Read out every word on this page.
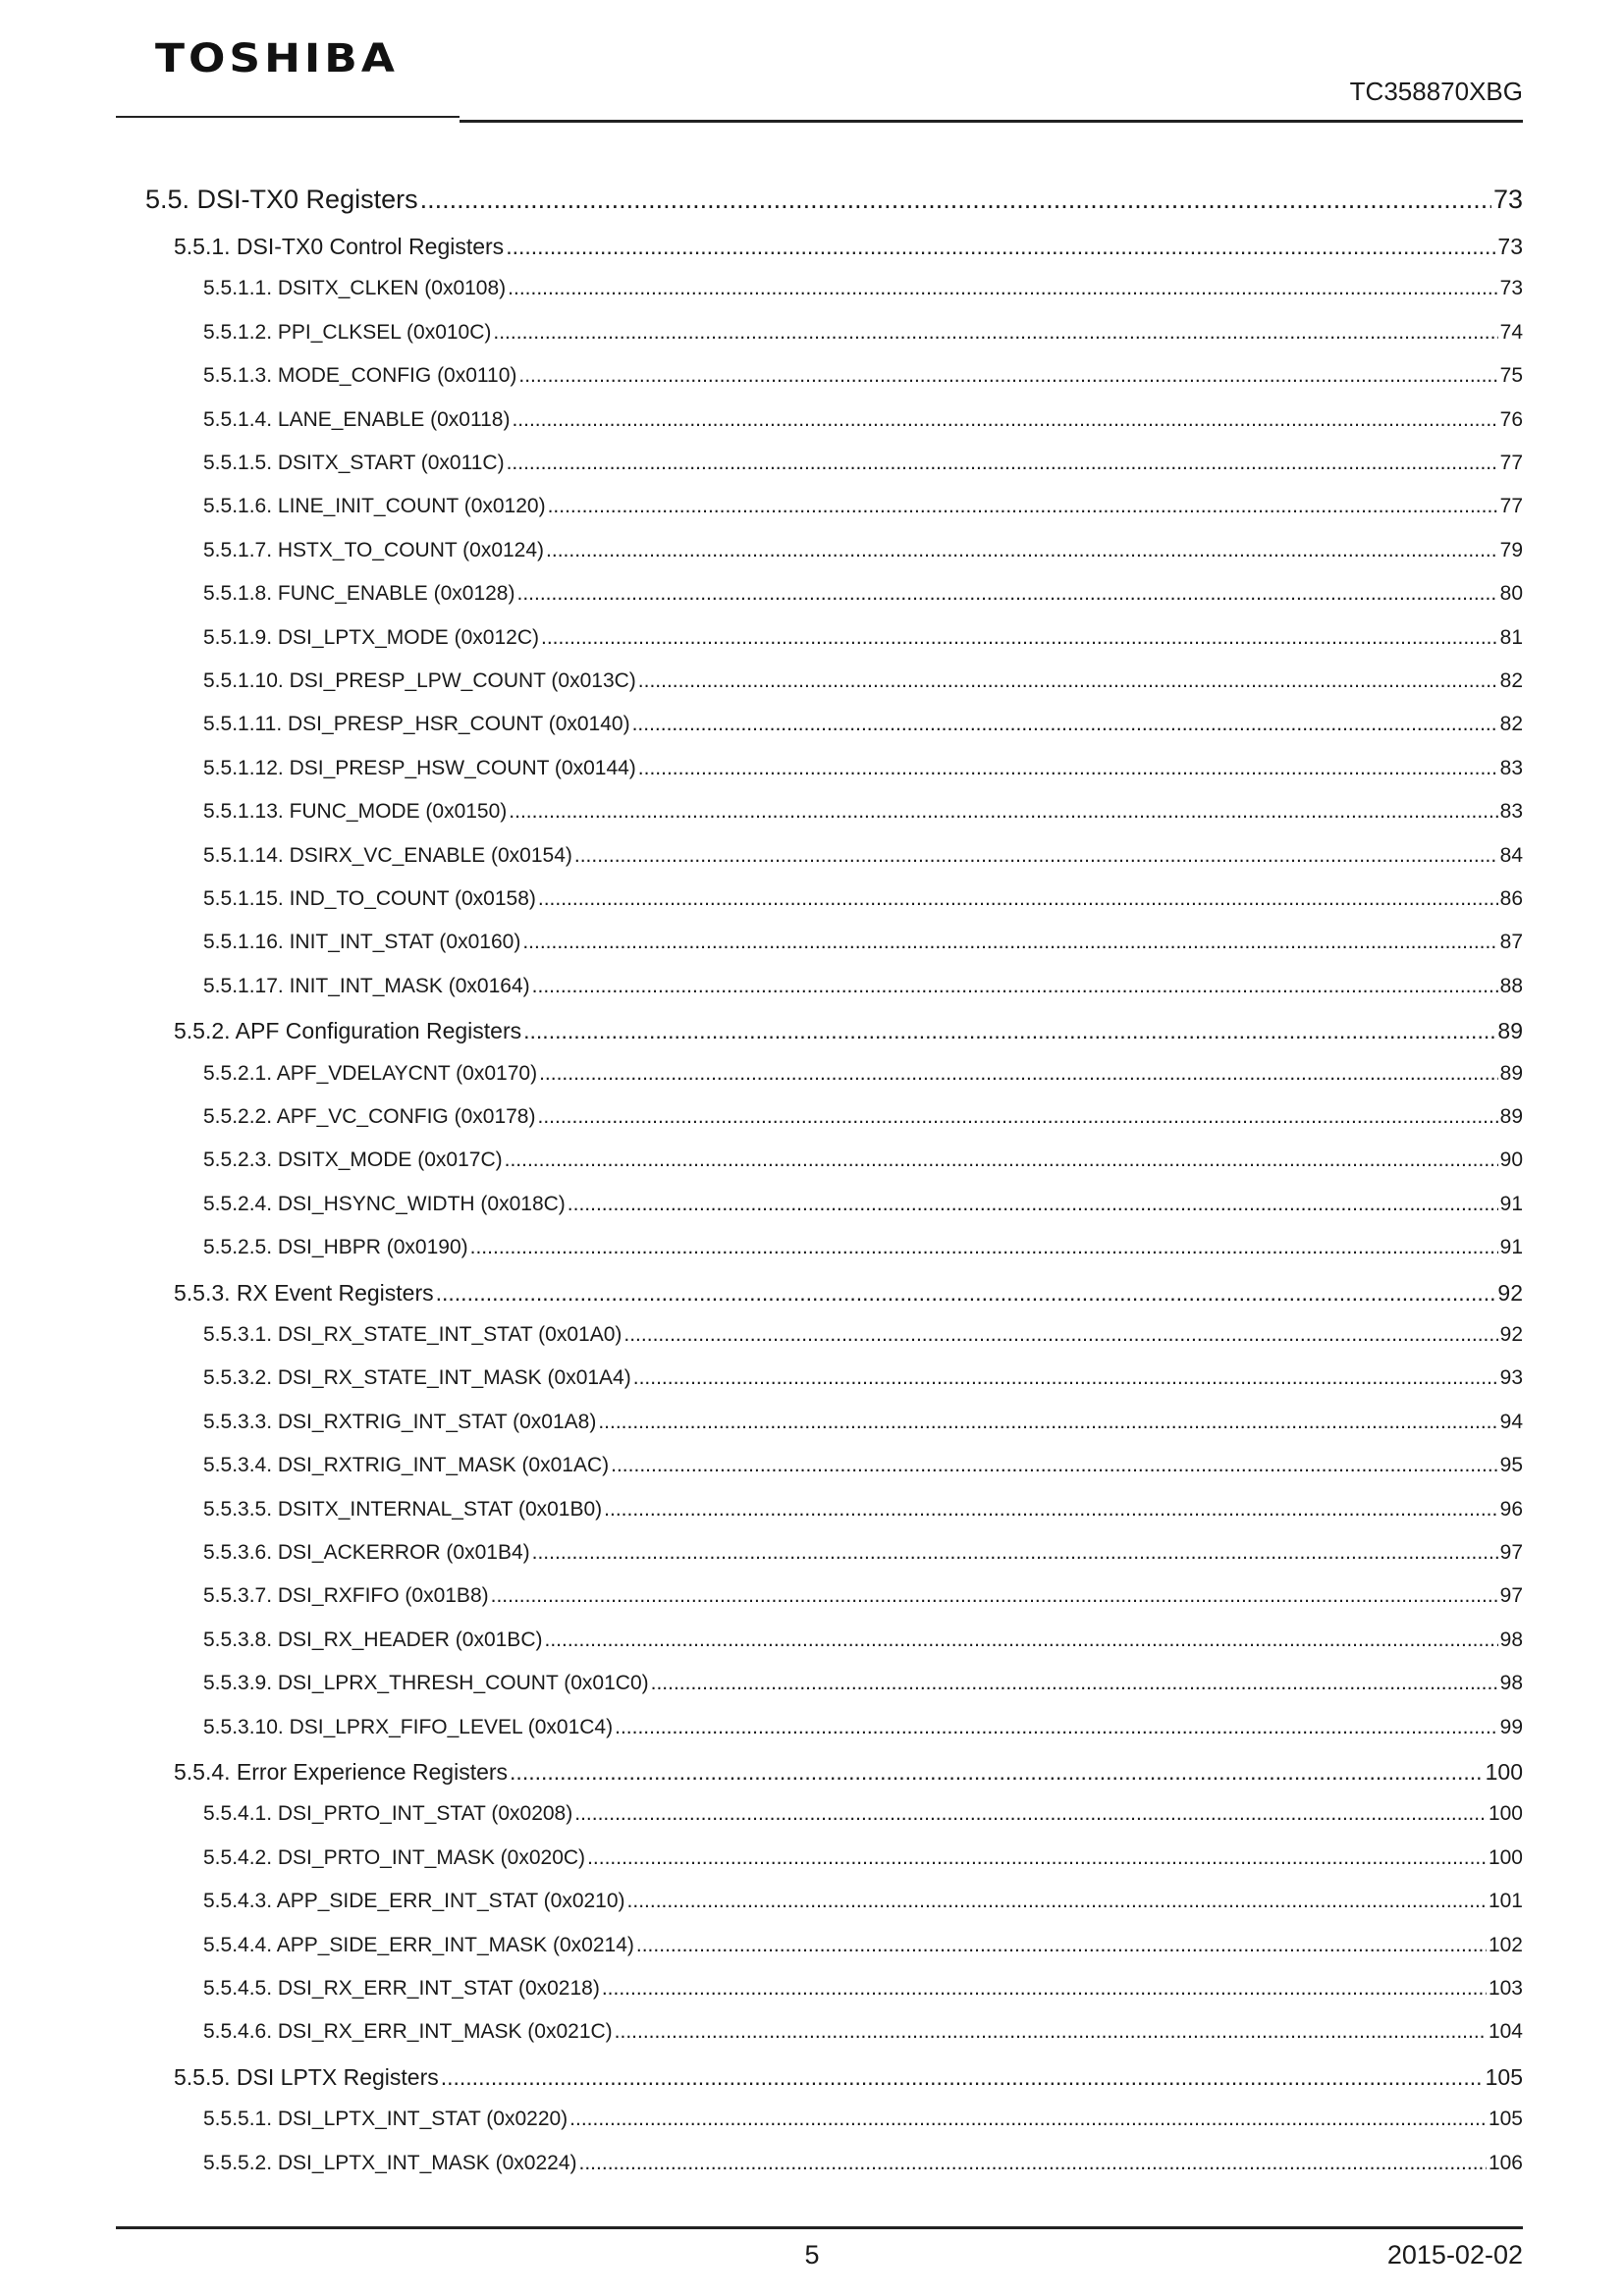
TOSHIBA
TC358870XBG
5.5. DSI-TX0 Registers .....	73
5.5.1. DSI-TX0 Control Registers .....	73
5.5.1.1. DSITX_CLKEN (0x0108) .....	73
5.5.1.2. PPI_CLKSEL (0x010C) .....	74
5.5.1.3. MODE_CONFIG (0x0110) .....	75
5.5.1.4. LANE_ENABLE (0x0118) .....	76
5.5.1.5. DSITX_START (0x011C) .....	77
5.5.1.6. LINE_INIT_COUNT (0x0120) .....	77
5.5.1.7. HSTX_TO_COUNT (0x0124) .....	79
5.5.1.8. FUNC_ENABLE (0x0128) .....	80
5.5.1.9. DSI_LPTX_MODE (0x012C) .....	81
5.5.1.10. DSI_PRESP_LPW_COUNT (0x013C) .....	82
5.5.1.11. DSI_PRESP_HSR_COUNT (0x0140) .....	82
5.5.1.12. DSI_PRESP_HSW_COUNT (0x0144) .....	83
5.5.1.13. FUNC_MODE (0x0150) .....	83
5.5.1.14. DSIRX_VC_ENABLE (0x0154) .....	84
5.5.1.15. IND_TO_COUNT (0x0158) .....	86
5.5.1.16. INIT_INT_STAT (0x0160) .....	87
5.5.1.17. INIT_INT_MASK (0x0164) .....	88
5.5.2. APF Configuration Registers .....	89
5.5.2.1. APF_VDELAYCNT (0x0170) .....	89
5.5.2.2. APF_VC_CONFIG (0x0178) .....	89
5.5.2.3. DSITX_MODE (0x017C) .....	90
5.5.2.4. DSI_HSYNC_WIDTH (0x018C) .....	91
5.5.2.5. DSI_HBPR (0x0190) .....	91
5.5.3. RX Event Registers .....	92
5.5.3.1. DSI_RX_STATE_INT_STAT (0x01A0) .....	92
5.5.3.2. DSI_RX_STATE_INT_MASK (0x01A4) .....	93
5.5.3.3. DSI_RXTRIG_INT_STAT (0x01A8) .....	94
5.5.3.4. DSI_RXTRIG_INT_MASK (0x01AC) .....	95
5.5.3.5. DSITX_INTERNAL_STAT (0x01B0) .....	96
5.5.3.6. DSI_ACKERROR (0x01B4) .....	97
5.5.3.7. DSI_RXFIFO (0x01B8) .....	97
5.5.3.8. DSI_RX_HEADER (0x01BC) .....	98
5.5.3.9. DSI_LPRX_THRESH_COUNT (0x01C0) .....	98
5.5.3.10. DSI_LPRX_FIFO_LEVEL (0x01C4) .....	99
5.5.4. Error Experience Registers .....	100
5.5.4.1. DSI_PRTO_INT_STAT (0x0208) .....	100
5.5.4.2. DSI_PRTO_INT_MASK (0x020C) .....	100
5.5.4.3. APP_SIDE_ERR_INT_STAT (0x0210) .....	101
5.5.4.4. APP_SIDE_ERR_INT_MASK (0x0214) .....	102
5.5.4.5. DSI_RX_ERR_INT_STAT (0x0218) .....	103
5.5.4.6. DSI_RX_ERR_INT_MASK (0x021C) .....	104
5.5.5. DSI LPTX Registers .....	105
5.5.5.1. DSI_LPTX_INT_STAT (0x0220) .....	105
5.5.5.2. DSI_LPTX_INT_MASK (0x0224) .....	106
5	2015-02-02
